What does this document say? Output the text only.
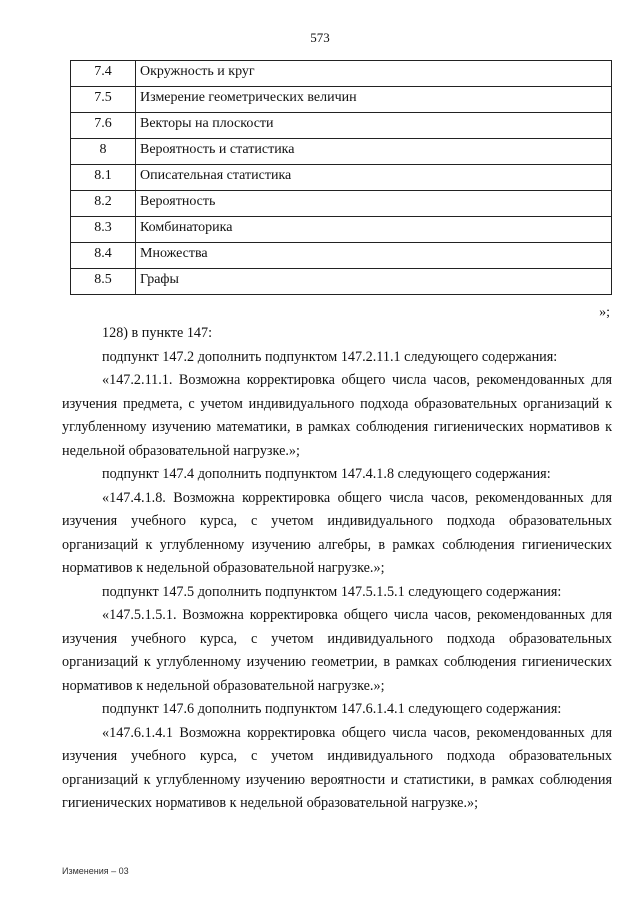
573
7.4	Окружность и круг
7.5	Измерение геометрических величин
7.6	Векторы на плоскости
8	Вероятность и статистика
8.1	Описательная статистика
8.2	Вероятность
8.3	Комбинаторика
8.4	Множества
8.5	Графы
»;

128) в пункте 147:

подпункт 147.2 дополнить подпунктом 147.2.11.1 следующего содержания:

«147.2.11.1. Возможна корректировка общего числа часов, рекомендованных для изучения предмета, с учетом индивидуального подхода образовательных организаций к углубленному изучению математики, в рамках соблюдения гигиенических нормативов к недельной образовательной нагрузке.»;

подпункт 147.4 дополнить подпунктом 147.4.1.8 следующего содержания:

«147.4.1.8. Возможна корректировка общего числа часов, рекомендованных для изучения учебного курса, с учетом индивидуального подхода образовательных организаций к углубленному изучению алгебры, в рамках соблюдения гигиенических нормативов к недельной образовательной нагрузке.»;

подпункт 147.5 дополнить подпунктом 147.5.1.5.1 следующего содержания:

«147.5.1.5.1. Возможна корректировка общего числа часов, рекомендованных для изучения учебного курса, с учетом индивидуального подхода образовательных организаций к углубленному изучению геометрии, в рамках соблюдения гигиенических нормативов к недельной образовательной нагрузке.»;

подпункт 147.6 дополнить подпунктом 147.6.1.4.1 следующего содержания:

«147.6.1.4.1 Возможна корректировка общего числа часов, рекомендованных для изучения учебного курса, с учетом индивидуального подхода образовательных организаций к углубленному изучению вероятности и статистики, в рамках соблюдения гигиенических нормативов к недельной образовательной нагрузке.»;

Изменения – 03
